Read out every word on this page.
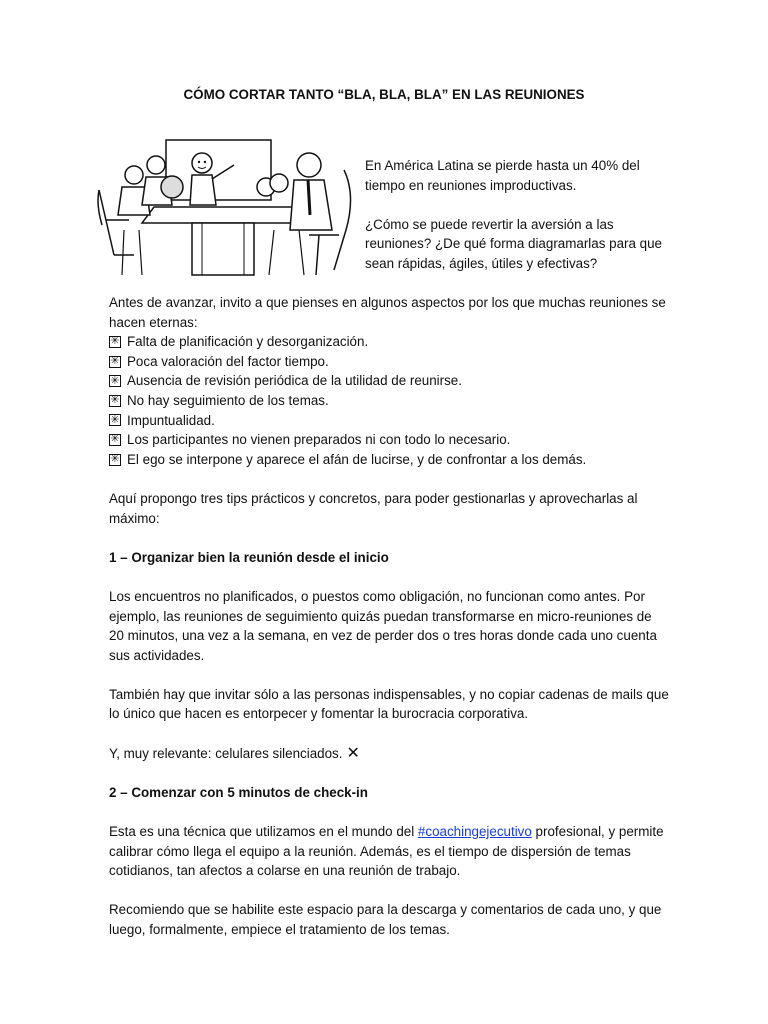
CÓMO CORTAR TANTO “BLA, BLA, BLA” EN LAS REUNIONES

En América Latina se pierde hasta un 40% del tiempo en reuniones improductivas.

¿Cómo se puede revertir la aversión a las reuniones? ¿De qué forma diagramarlas para que sean rápidas, ágiles, útiles y efectivas?

Antes de avanzar, invito a que pienses en algunos aspectos por los que muchas reuniones se hacen eternas:

✳ Falta de planificación y desorganización.
✳ Poca valoración del factor tiempo.
✳ Ausencia de revisión periódica de la utilidad de reunirse.
✳ No hay seguimiento de los temas.
✳ Impuntualidad.
✳ Los participantes no vienen preparados ni con todo lo necesario.
✳ El ego se interpone y aparece el afán de lucirse, y de confrontar a los demás.

Aquí propongo tres tips prácticos y concretos, para poder gestionarlas y aprovecharlas al máximo:

1 – Organizar bien la reunión desde el inicio

Los encuentros no planificados, o puestos como obligación, no funcionan como antes. Por ejemplo, las reuniones de seguimiento quizás puedan transformarse en micro-reuniones de 20 minutos, una vez a la semana, en vez de perder dos o tres horas donde cada uno cuenta sus actividades.

También hay que invitar sólo a las personas indispensables, y no copiar cadenas de mails que lo único que hacen es entorpecer y fomentar la burocracia corporativa.

Y, muy relevante: celulares silenciados. ✕

2 – Comenzar con 5 minutos de check-in

Esta es una técnica que utilizamos en el mundo del #coachingejecutivo profesional, y permite calibrar cómo llega el equipo a la reunión. Además, es el tiempo de dispersión de temas cotidianos, tan afectos a colarse en una reunión de trabajo.

Recomiendo que se habilite este espacio para la descarga y comentarios de cada uno, y que luego, formalmente, empiece el tratamiento de los temas.
